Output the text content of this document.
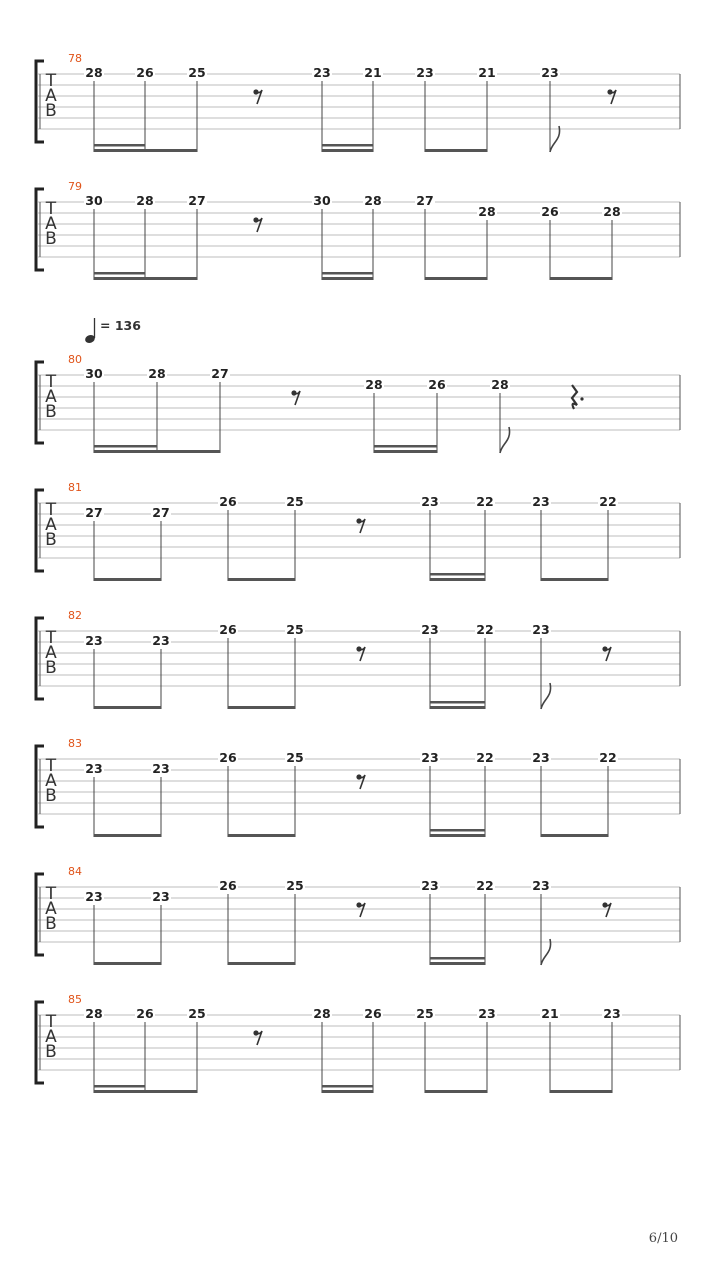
T
A
B
78
28	26	25	23	21	23	21	23
T
A
B
79
30	28	27	30	28	27
28	26	28
T
A
B
80
30	28	27
28	26	28
T
A
B
81
27	27
26	25	23	22	23	22
T
A
B
82
23	23
26	25	23	22	23
T
A
B
83
23	23
26	25	23	22	23	22
T
A
B
84
23	23
26	25	23	22	23
T
A
B
85
28	26	25	28	26	25	23	21	23
= 136
6/10
